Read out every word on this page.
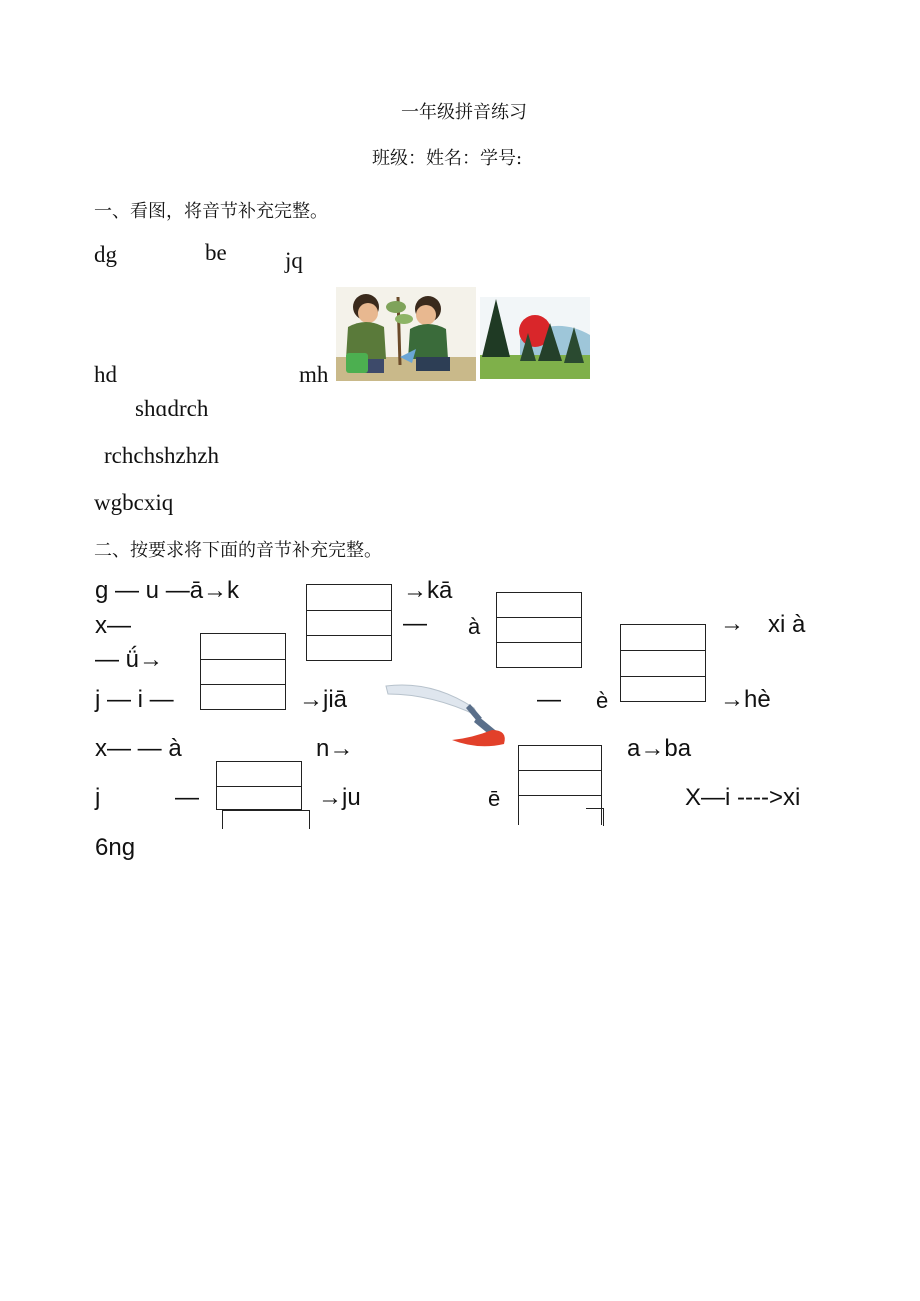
一年级拼音练习
班级：姓名：学号:
一、看图，将音节补充完整。
dg	be	jq
hd	mh
shɑdrch
rchchshzhzh
wgbcxiq
二、按要求将下面的音节补充完整。
g — u —ā→k	→kā
x—	— à	→ xi à
— ǘ→
j — i —	→jiā	— è	→hè
x— — à	n→	a→ba
j	—	→ju	ē	X—i ---->xi
6ng
